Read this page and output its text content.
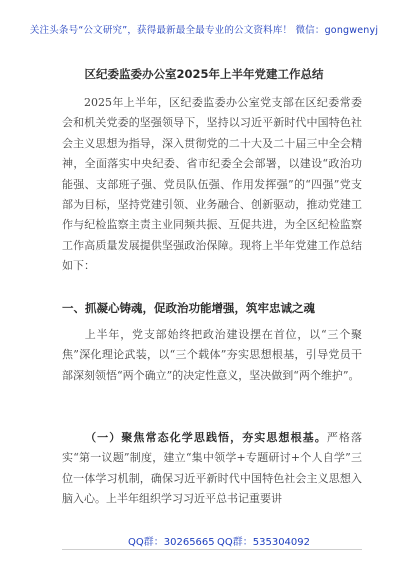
关注头条号“公文研究”，获得最新最全最专业的公文资料库！ 微信：gongwenyj
区纪委监委办公室2025年上半年党建工作总结

2025年上半年，区纪委监委办公室党支部在区纪委常委会和机关党委的坚强领导下，坚持以习近平新时代中国特色社会主义思想为指导，深入贯彻党的二十大及二十届三中全会精神，全面落实中央纪委、省市纪委全会部署，以建设“政治功能强、支部班子强、党员队伍强、作用发挥强”的“四强”党支部为目标，坚持党建引领、业务融合、创新驱动，推动党建工作与纪检监察主责主业同频共振、互促共进，为全区纪检监察工作高质量发展提供坚强政治保障。现将上半年党建工作总结如下：

一、抓凝心铸魂，促政治功能增强，筑牢忠诚之魂

上半年，党支部始终把政治建设摆在首位，以“三个聚焦”深化理论武装，以“三个载体”夯实思想根基，引导党员干部深刻领悟“两个确立”的决定性意义，坚决做到“两个维护”。

（一）聚焦常态化学思践悟，夯实思想根基。严格落实“第一议题”制度，建立“集中领学+专题研讨+个人自学”三位一体学习机制，确保习近平新时代中国特色社会主义思想入脑入心。上半年组织学习习近平总书记重要讲

QQ群：30265665 QQ群：535304092
